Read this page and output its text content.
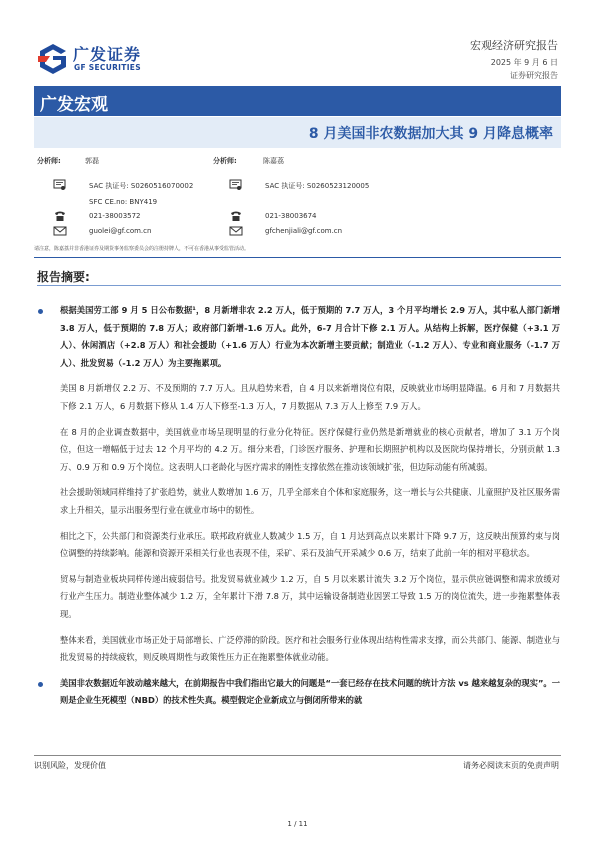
广发证券
GF SECURITIES
宏观经济研究报告
2025 年 9 月 6 日
证券研究报告
广发宏观
8 月美国非农数据加大其 9 月降息概率
分析师:	郭磊
SAC 执证号: S0260516070002
SFC CE.no: BNY419
021-38003572
guolei@gf.com.cn
分析师:	陈嘉荔
SAC 执证号: S0260523120005
021-38003674
gfchenjiali@gf.com.cn
请注意，陈嘉荔并非香港证券及期货事务监察委员会的注册持牌人，不可在香港从事受监管活动。
报告摘要:
根据美国劳工部 9 月 5 日公布数据¹，8 月新增非农 2.2 万人，低于预期的 7.7 万人，3 个月平均增长 2.9 万人，其中私人部门新增 3.8 万人，低于预期的 7.8 万人；政府部门新增-1.6 万人。此外，6-7 月合计下修 2.1 万人。从结构上拆解，医疗保健（+3.1 万人）、休闲酒店（+2.8 万人）和社会援助（+1.6 万人）行业为本次新增主要贡献；制造业（-1.2 万人）、专业和商业服务（-1.7 万人）、批发贸易（-1.2 万人）为主要拖累项。
美国 8 月新增仅 2.2 万、不及预期的 7.7 万人。且从趋势来看，自 4 月以来新增岗位有限，反映就业市场明显降温。6 月和 7 月数据共下修 2.1 万人，6 月数据下修从 1.4 万人下修至-1.3 万人，7 月数据从 7.3 万人上修至 7.9 万人。
在 8 月的企业调查数据中，美国就业市场呈现明显的行业分化特征。医疗保健行业仍然是新增就业的核心贡献者，增加了 3.1 万个岗位，但这一增幅低于过去 12 个月平均的 4.2 万。细分来看，门诊医疗服务、护理和长期照护机构以及医院均保持增长，分别贡献 1.3 万、0.9 万和 0.9 万个岗位。这表明人口老龄化与医疗需求的刚性支撑依然在推动该领域扩张，但边际动能有所减弱。
社会援助领域同样维持了扩张趋势，就业人数增加 1.6 万，几乎全部来自个体和家庭服务，这一增长与公共健康、儿童照护及社区服务需求上升相关，显示出服务型行业在就业市场中的韧性。
相比之下，公共部门和资源类行业承压。联邦政府就业人数减少 1.5 万，自 1 月达到高点以来累计下降 9.7 万，这反映出预算约束与岗位调整的持续影响。能源和资源开采相关行业也表现不佳，采矿、采石及油气开采减少 0.6 万，结束了此前一年的相对平稳状态。
贸易与制造业板块同样传递出疲弱信号。批发贸易就业减少 1.2 万，自 5 月以来累计流失 3.2 万个岗位，显示供应链调整和需求放缓对行业产生压力。制造业整体减少 1.2 万，全年累计下滑 7.8 万，其中运输设备制造业因罢工导致 1.5 万的岗位流失，进一步拖累整体表现。
整体来看，美国就业市场正处于局部增长、广泛停滞的阶段。医疗和社会服务行业体现出结构性需求支撑，而公共部门、能源、制造业与批发贸易的持续疲软，则反映周期性与政策性压力正在拖累整体就业动能。
美国非农数据近年波动越来越大，在前期报告中我们指出它最大的问题是“一套已经存在技术问题的统计方法 vs 越来越复杂的现实”。一则是企业生死模型（NBD）的技术性失真。模型假定企业新成立与倒闭所带来的就
识别风险，发现价值	请务必阅读末页的免责声明
1 / 11
